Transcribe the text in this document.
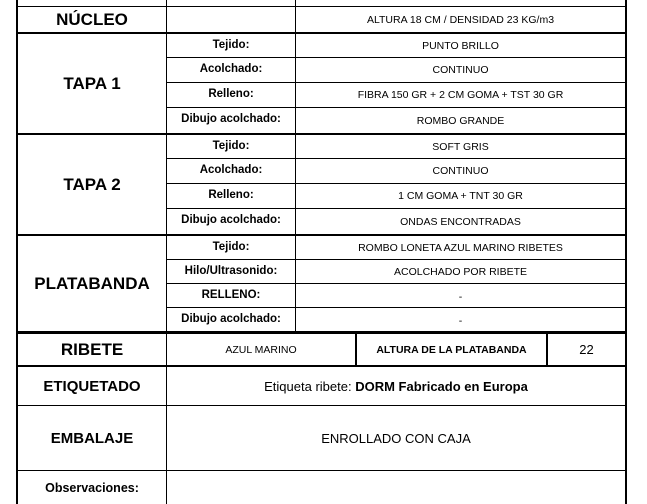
NÚCLEO	ALTURA 18 CM / DENSIDAD 23 KG/m3
TAPA 1
Tejido:	PUNTO BRILLO
Acolchado:	CONTINUO
Relleno:	FIBRA 150 GR + 2 CM GOMA + TST 30 GR
Dibujo acolchado:	ROMBO GRANDE
TAPA 2
Tejido:	SOFT GRIS
Acolchado:	CONTINUO
Relleno:	1 CM GOMA + TNT 30 GR
Dibujo acolchado:	ONDAS ENCONTRADAS
PLATABANDA
Tejido:	ROMBO LONETA AZUL MARINO RIBETES
Hilo/Ultrasonido:	ACOLCHADO POR RIBETE
RELLENO:	-
Dibujo acolchado:	-
RIBETE	AZUL MARINO	ALTURA DE LA PLATABANDA	22
ETIQUETADO	Etiqueta ribete: DORM Fabricado en Europa
EMBALAJE	ENROLLADO CON CAJA
Observaciones:
